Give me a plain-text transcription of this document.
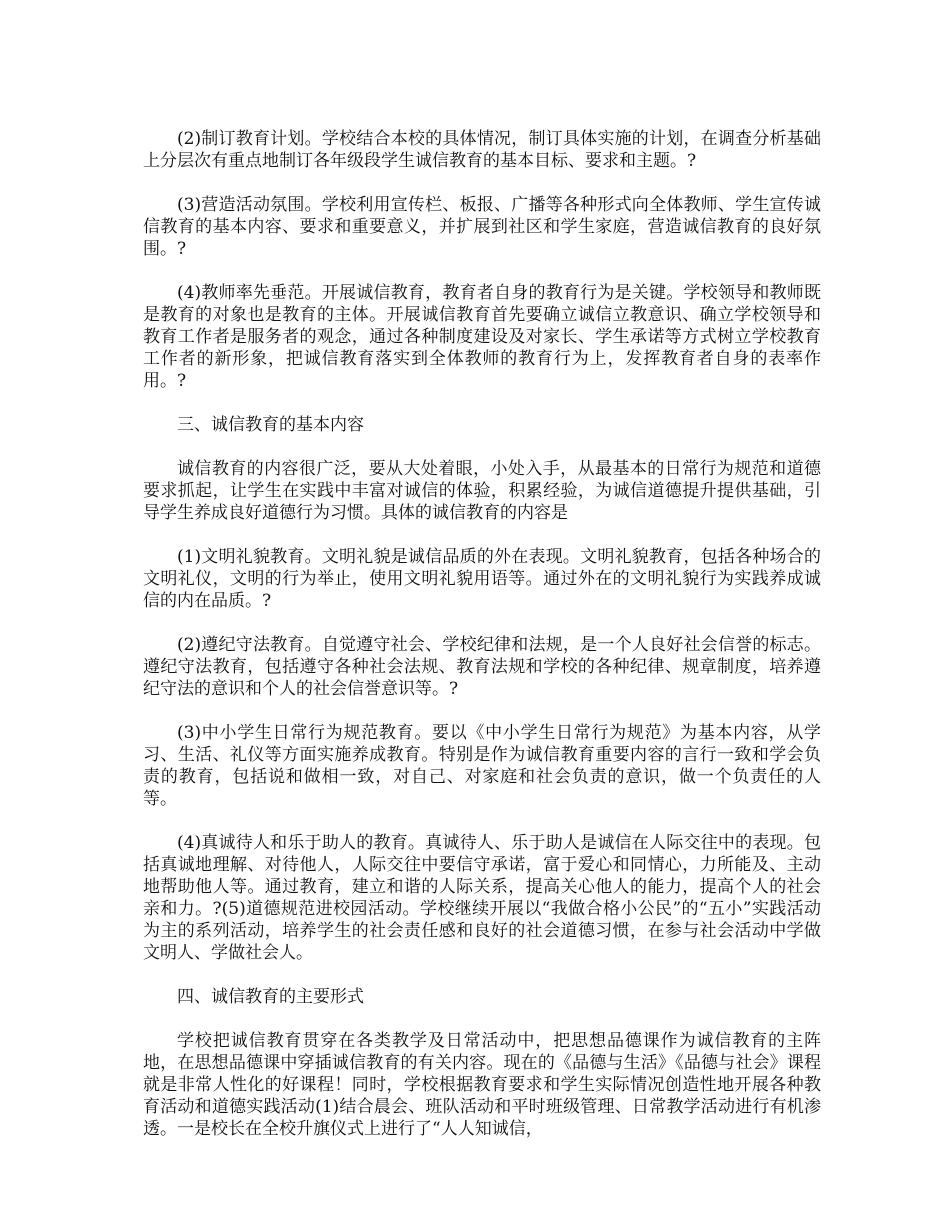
(2)制订教育计划。学校结合本校的具体情况，制订具体实施的计划，在调查分析基础上分层次有重点地制订各年级段学生诚信教育的基本目标、要求和主题。?

(3)营造活动氛围。学校利用宣传栏、板报、广播等各种形式向全体教师、学生宣传诚信教育的基本内容、要求和重要意义，并扩展到社区和学生家庭，营造诚信教育的良好氛围。?

(4)教师率先垂范。开展诚信教育，教育者自身的教育行为是关键。学校领导和教师既是教育的对象也是教育的主体。开展诚信教育首先要确立诚信立教意识、确立学校领导和教育工作者是服务者的观念，通过各种制度建设及对家长、学生承诺等方式树立学校教育工作者的新形象，把诚信教育落实到全体教师的教育行为上，发挥教育者自身的表率作用。?

三、诚信教育的基本内容

诚信教育的内容很广泛，要从大处着眼，小处入手，从最基本的日常行为规范和道德要求抓起，让学生在实践中丰富对诚信的体验，积累经验，为诚信道德提升提供基础，引导学生养成良好道德行为习惯。具体的诚信教育的内容是

(1)文明礼貌教育。文明礼貌是诚信品质的外在表现。文明礼貌教育，包括各种场合的文明礼仪，文明的行为举止，使用文明礼貌用语等。通过外在的文明礼貌行为实践养成诚信的内在品质。?

(2)遵纪守法教育。自觉遵守社会、学校纪律和法规，是一个人良好社会信誉的标志。遵纪守法教育，包括遵守各种社会法规、教育法规和学校的各种纪律、规章制度，培养遵纪守法的意识和个人的社会信誉意识等。?

(3)中小学生日常行为规范教育。要以《中小学生日常行为规范》为基本内容，从学习、生活、礼仪等方面实施养成教育。特别是作为诚信教育重要内容的言行一致和学会负责的教育，包括说和做相一致，对自己、对家庭和社会负责的意识，做一个负责任的人等。

(4)真诚待人和乐于助人的教育。真诚待人、乐于助人是诚信在人际交往中的表现。包括真诚地理解、对待他人，人际交往中要信守承诺，富于爱心和同情心，力所能及、主动地帮助他人等。通过教育，建立和谐的人际关系，提高关心他人的能力，提高个人的社会亲和力。?(5)道德规范进校园活动。学校继续开展以“我做合格小公民”的“五小”实践活动为主的系列活动，培养学生的社会责任感和良好的社会道德习惯，在参与社会活动中学做文明人、学做社会人。

四、诚信教育的主要形式

学校把诚信教育贯穿在各类教学及日常活动中，把思想品德课作为诚信教育的主阵地，在思想品德课中穿插诚信教育的有关内容。现在的《品德与生活》《品德与社会》课程就是非常人性化的好课程！同时，学校根据教育要求和学生实际情况创造性地开展各种教育活动和道德实践活动(1)结合晨会、班队活动和平时班级管理、日常教学活动进行有机渗透。一是校长在全校升旗仪式上进行了“人人知诚信，
